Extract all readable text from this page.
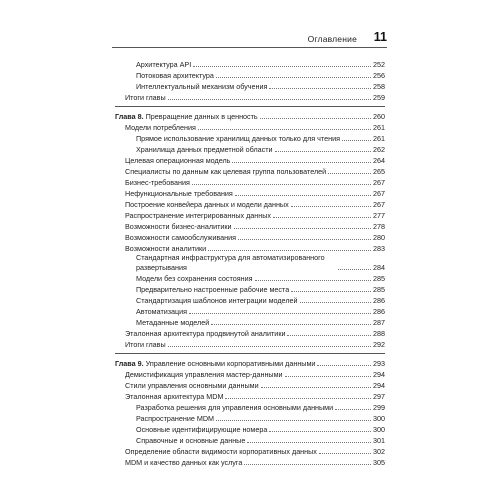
Оглавление 11
Архитектура API	252
Потоковая архитектура	256
Интеллектуальный механизм обучения	258
Итоги главы	259
Глава 8. Превращение данных в ценность	260
Модели потребления	261
Прямое использование хранилищ данных только для чтения	261
Хранилища данных предметной области	262
Целевая операционная модель	264
Специалисты по данным как целевая группа пользователей	265
Бизнес-требования	267
Нефункциональные требования	267
Построение конвейера данных и модели данных	267
Распространение интегрированных данных	277
Возможности бизнес-аналитики	278
Возможности самообслуживания	280
Возможности аналитики	283
Стандартная инфраструктура для автоматизированного развертывания	284
Модели без сохранения состояния	285
Предварительно настроенные рабочие места	285
Стандартизация шаблонов интеграции моделей	286
Автоматизация	286
Метаданные моделей	287
Эталонная архитектура продвинутой аналитики	288
Итоги главы	292
Глава 9. Управление основными корпоративными данными	293
Демистификация управления мастер-данными	294
Стили управления основными данными	294
Эталонная архитектура MDM	297
Разработка решения для управления основными данными	299
Распространение MDM	300
Основные идентифицирующие номера	300
Справочные и основные данные	301
Определение области видимости корпоративных данных	302
MDM и качество данных как услуга	305
